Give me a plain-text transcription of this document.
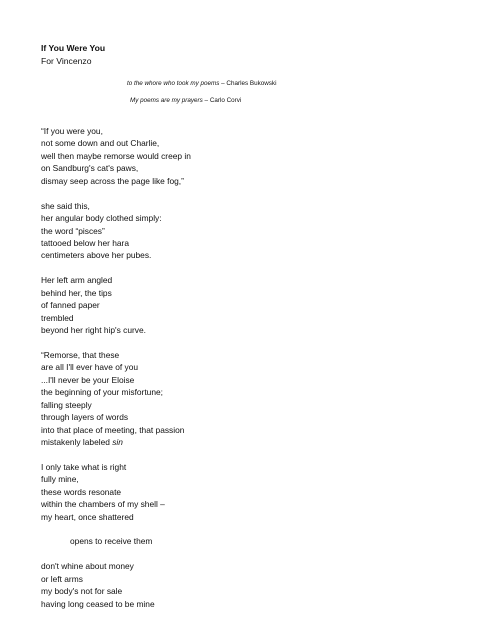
If You Were You
For Vincenzo
to the whore who took my poems – Charles Bukowski
My poems are my prayers – Carlo Corvi
“If you were you,
not some down and out Charlie,
well then maybe remorse would creep in
on Sandburg's cat's paws,
dismay seep across the page like fog,”
she said this,
her angular body clothed simply:
the word “pisces”
tattooed below her hara
centimeters above her pubes.
Her left arm angled
behind her, the tips
of fanned paper
trembled
beyond her right hip's curve.
“Remorse, that these
are all I'll ever have of you
...I'll never be your Eloise
the beginning of your misfortune;
falling steeply
through layers of words
into that place of meeting, that passion
mistakenly labeled sin
I only take what is right
fully mine,
these words resonate
within the chambers of my shell –
my heart, once shattered
opens to receive them
don't whine about money
or left arms
my body's not for sale
having long ceased to be mine
